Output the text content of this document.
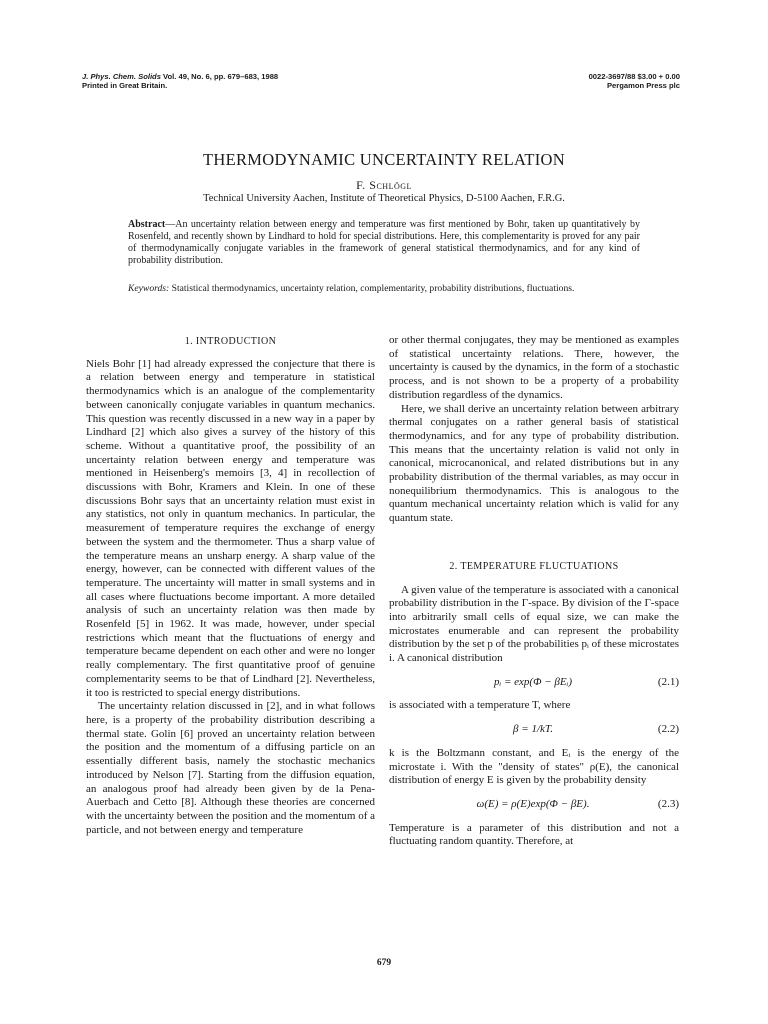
J. Phys. Chem. Solids Vol. 49, No. 6, pp. 679–683, 1988
Printed in Great Britain.
0022-3697/88 $3.00 + 0.00
Pergamon Press plc
THERMODYNAMIC UNCERTAINTY RELATION
F. Schlögl
Technical University Aachen, Institute of Theoretical Physics, D-5100 Aachen, F.R.G.
Abstract—An uncertainty relation between energy and temperature was first mentioned by Bohr, taken up quantitatively by Rosenfeld, and recently shown by Lindhard to hold for special distributions. Here, this complementarity is proved for any pair of thermodynamically conjugate variables in the framework of general statistical thermodynamics, and for any kind of probability distribution.
Keywords: Statistical thermodynamics, uncertainty relation, complementarity, probability distributions, fluctuations.
1. INTRODUCTION

Niels Bohr [1] had already expressed the conjecture that there is a relation between energy and temperature in statistical thermodynamics which is an analogue of the complementarity between canonically conjugate variables in quantum mechanics. This question was recently discussed in a new way in a paper by Lindhard [2] which also gives a survey of the history of this scheme. Without a quantitative proof, the possibility of an uncertainty relation between energy and temperature was mentioned in Heisenberg's memoirs [3, 4] in recollection of discussions with Bohr, Kramers and Klein. In one of these discussions Bohr says that an uncertainty relation must exist in any statistics, not only in quantum mechanics. In particular, the measurement of temperature requires the exchange of energy between the system and the thermometer. Thus a sharp value of the temperature means an unsharp energy. A sharp value of the energy, however, can be connected with different values of the temperature. The uncertainty will matter in small systems and in all cases where fluctuations become important. A more detailed analysis of such an uncertainty relation was then made by Rosenfeld [5] in 1962. It was made, however, under special restrictions which meant that the fluctuations of energy and temperature became dependent on each other and were no longer really complementary. The first quantitative proof of genuine complementarity seems to be that of Lindhard [2]. Nevertheless, it too is restricted to special energy distributions.

The uncertainty relation discussed in [2], and in what follows here, is a property of the probability distribution describing a thermal state. Golin [6] proved an uncertainty relation between the position and the momentum of a diffusing particle on an essentially different basis, namely the stochastic mechanics introduced by Nelson [7]. Starting from the diffusion equation, an analogous proof had already been given by de la Pena-Auerbach and Cetto [8]. Although these theories are concerned with the uncertainty between the position and the momentum of a particle, and not between energy and temperature

or other thermal conjugates, they may be mentioned as examples of statistical uncertainty relations. There, however, the uncertainty is caused by the dynamics, in the form of a stochastic process, and is not shown to be a property of a probability distribution regardless of the dynamics.

Here, we shall derive an uncertainty relation between arbitrary thermal conjugates on a rather general basis of statistical thermodynamics, and for any type of probability distribution. This means that the uncertainty relation is valid not only in canonical, microcanonical, and related distributions but in any probability distribution of the thermal variables, as may occur in nonequilibrium thermodynamics. This is analogous to the quantum mechanical uncertainty relation which is valid for any quantum state.

2. TEMPERATURE FLUCTUATIONS

A given value of the temperature is associated with a canonical probability distribution in the Γ-space. By division of the Γ-space into arbitrarily small cells of equal size, we can make the microstates enumerable and can represent the probability distribution by the set p of the probabilities pᵢ of these microstates i. A canonical distribution

pᵢ = exp(Φ − βEᵢ)	(2.1)

is associated with a temperature T, where

β = 1/kT.	(2.2)

k is the Boltzmann constant, and Eᵢ is the energy of the microstate i. With the "density of states" ρ(E), the canonical distribution of energy E is given by the probability density

ω(E) = ρ(E)exp(Φ − βE).	(2.3)

Temperature is a parameter of this distribution and not a fluctuating random quantity. Therefore, at

679
